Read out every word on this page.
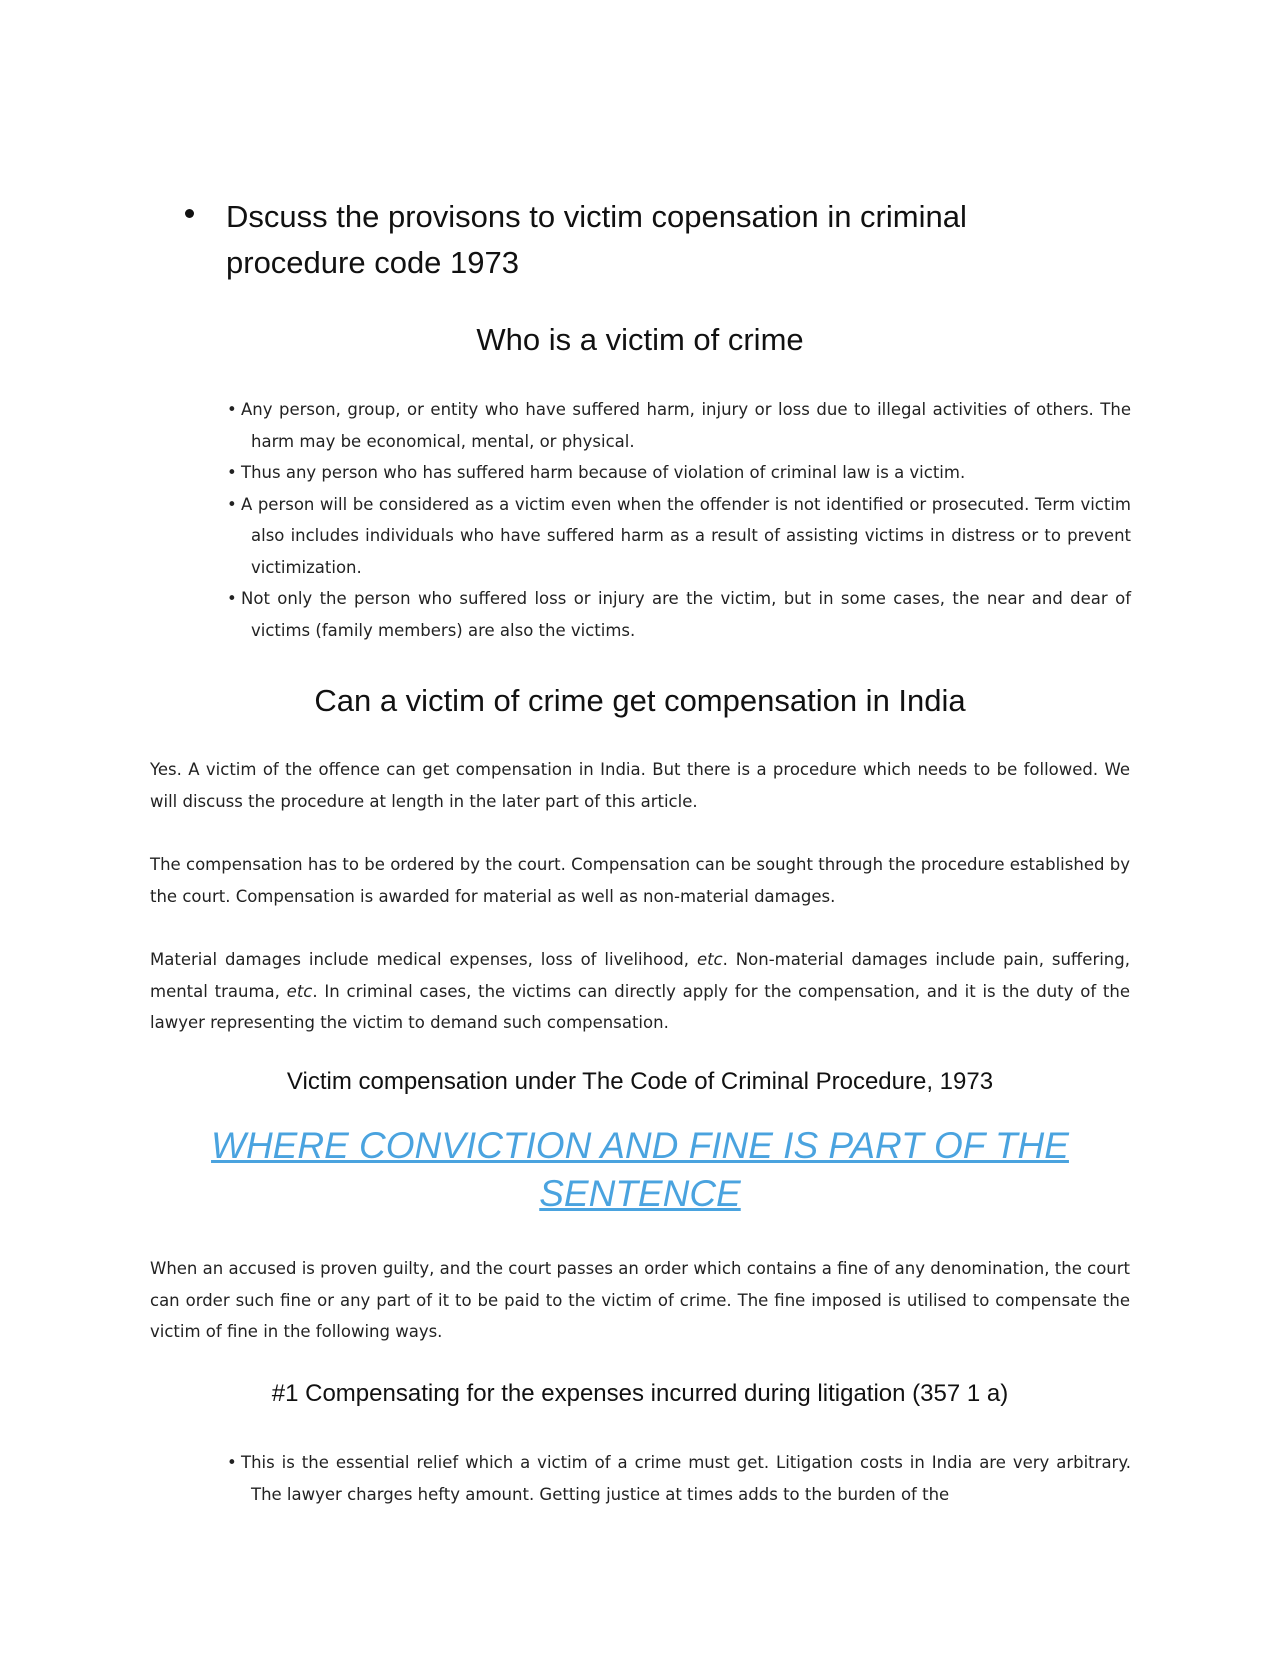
Dscuss the provisons to victim copensation in criminal procedure code 1973
Who is a victim of crime
• Any person, group, or entity who have suffered harm, injury or loss due to illegal activities of others. The harm may be economical, mental, or physical.
• Thus any person who has suffered harm because of violation of criminal law is a victim.
• A person will be considered as a victim even when the offender is not identified or prosecuted. Term victim also includes individuals who have suffered harm as a result of assisting victims in distress or to prevent victimization.
• Not only the person who suffered loss or injury are the victim, but in some cases, the near and dear of victims (family members) are also the victims.
Can a victim of crime get compensation in India

Yes. A victim of the offence can get compensation in India. But there is a procedure which needs to be followed. We will discuss the procedure at length in the later part of this article.

The compensation has to be ordered by the court. Compensation can be sought through the procedure established by the court. Compensation is awarded for material as well as non-material damages.

Material damages include medical expenses, loss of livelihood, etc. Non-material damages include pain, suffering, mental trauma, etc. In criminal cases, the victims can directly apply for the compensation, and it is the duty of the lawyer representing the victim to demand such compensation.

Victim compensation under The Code of Criminal Procedure, 1973
WHERE CONVICTION AND FINE IS PART OF THE SENTENCE

When an accused is proven guilty, and the court passes an order which contains a fine of any denomination, the court can order such fine or any part of it to be paid to the victim of crime. The fine imposed is utilised to compensate the victim of fine in the following ways.

#1 Compensating for the expenses incurred during litigation (357 1 a)
• This is the essential relief which a victim of a crime must get. Litigation costs in India are very arbitrary. The lawyer charges hefty amount. Getting justice at times adds to the burden of the
